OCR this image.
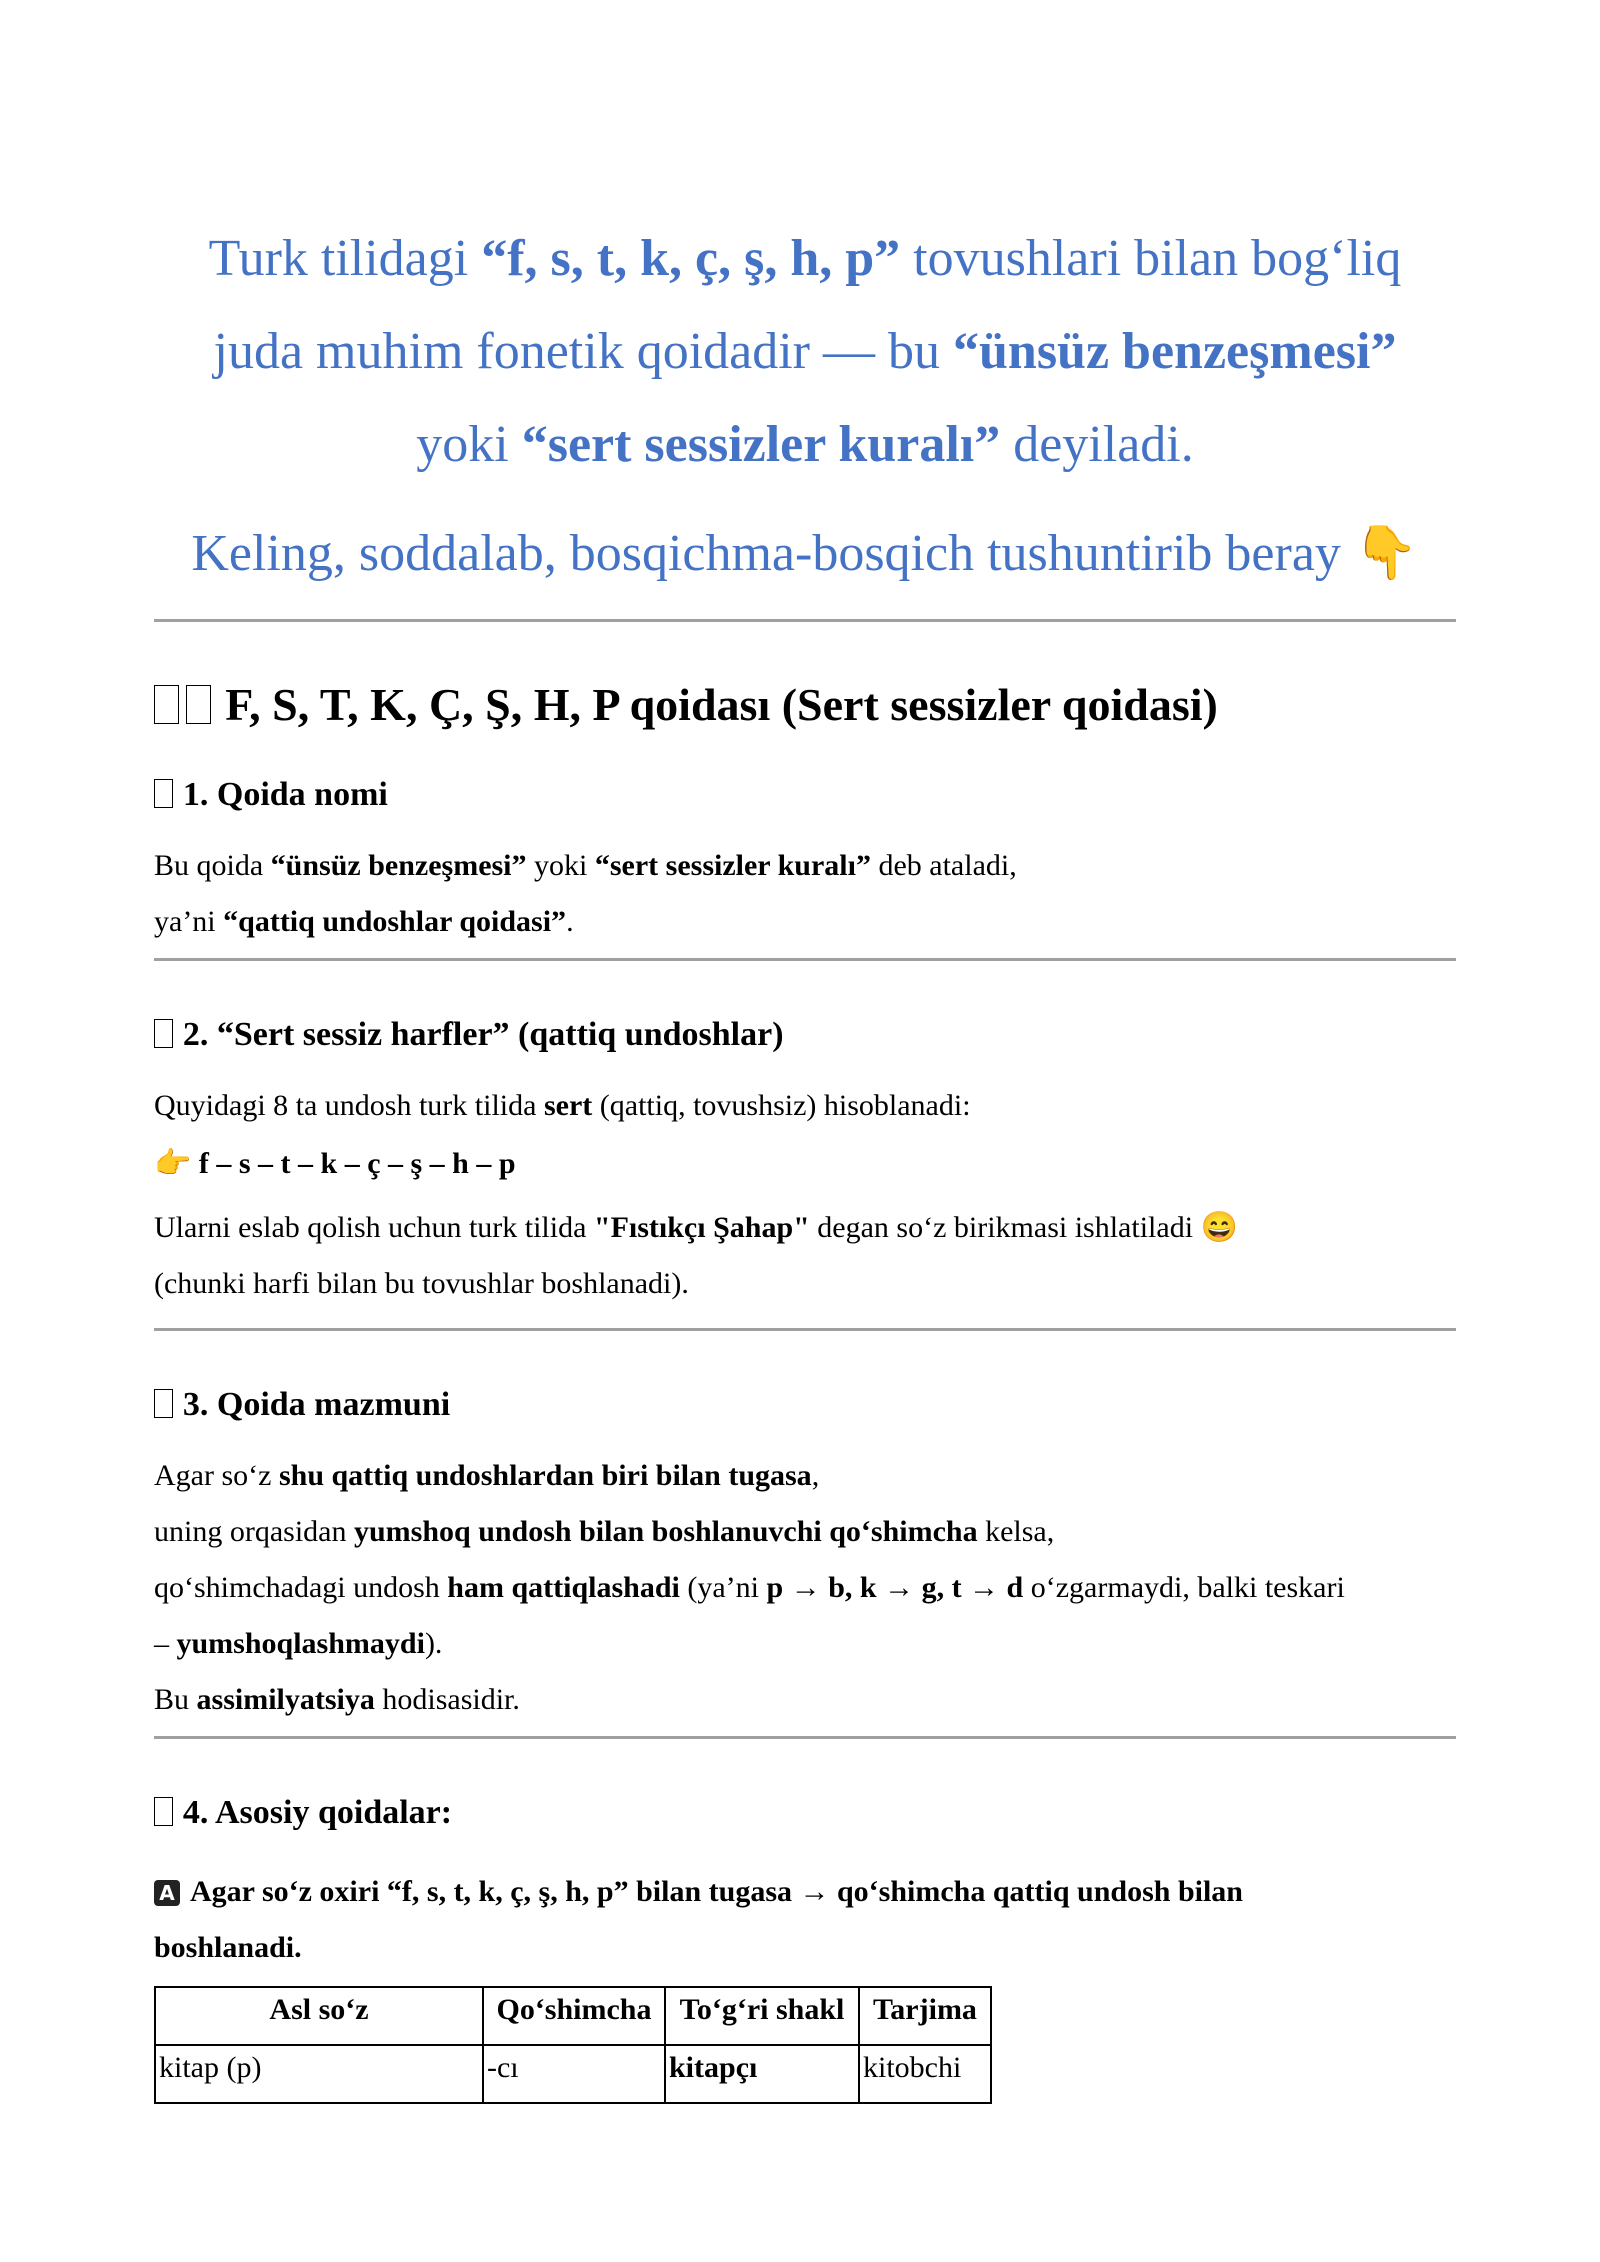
Turk tilidagi “f, s, t, k, ç, ş, h, p” tovushlari bilan bog‘liq
juda muhim fonetik qoidadir — bu “ünsüz benzeşmesi”
yoki “sert sessizler kuralı” deyiladi.
Keling, soddalab, bosqichma-bosqich tushuntirib beray 👇
F, S, T, K, Ç, Ş, H, P qoidası (Sert sessizler qoidasi)
1. Qoida nomi
Bu qoida “ünsüz benzeşmesi” yoki “sert sessizler kuralı” deb ataladi,
ya’ni “qattiq undoshlar qoidasi”.
2. “Sert sessiz harfler” (qattiq undoshlar)
Quyidagi 8 ta undosh turk tilida sert (qattiq, tovushsiz) hisoblanadi:
👉 f – s – t – k – ç – ş – h – p
Ularni eslab qolish uchun turk tilida "Fıstıkçı Şahap" degan so‘z birikmasi ishlatiladi 😄
(chunki harfi bilan bu tovushlar boshlanadi).
3. Qoida mazmuni
Agar so‘z shu qattiq undoshlardan biri bilan tugasa,
uning orqasidan yumshoq undosh bilan boshlanuvchi qo‘shimcha kelsa,
qo‘shimchadagi undosh ham qattiqlashadi (ya’ni p → b, k → g, t → d o‘zgarmaydi, balki teskari
– yumshoqlashmaydi).
Bu assimilyatsiya hodisasidir.
4. Asosiy qoidalar:
A Agar so‘z oxiri “f, s, t, k, ç, ş, h, p” bilan tugasa → qo‘shimcha qattiq undosh bilan
boshlanadi.
Asl so‘z	Qo‘shimcha	To‘g‘ri shakl	Tarjima
kitap (p)	-cı	kitapçı	kitobchi
